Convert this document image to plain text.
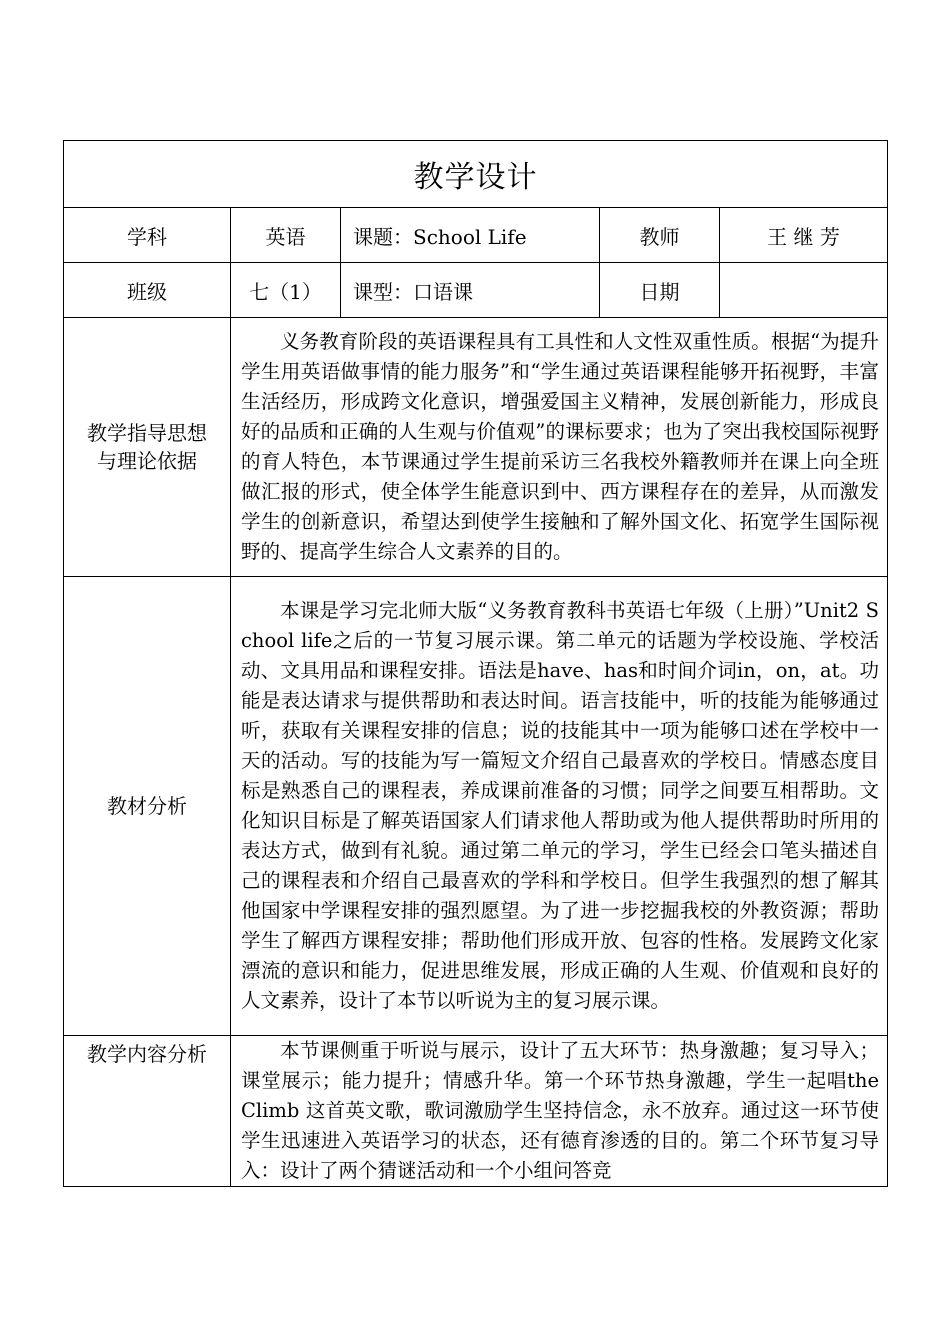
教学设计				
学科	英语	课题：School Life	教师	王 继 芳
班级	七（1）	课型：口语课	日期	

教学指导思想与理论依据	义务教育阶段的英语课程具有工具性和人文性双重性质。根据“为提升学生用英语做事情的能力服务”和“学生通过英语课程能够开拓视野，丰富生活经历，形成跨文化意识，增强爱国主义精神，发展创新能力，形成良好的品质和正确的人生观与价值观”的课标要求；也为了突出我校国际视野的育人特色，本节课通过学生提前采访三名我校外籍教师并在课上向全班做汇报的形式，使全体学生能意识到中、西方课程存在的差异，从而激发学生的创新意识，希望达到使学生接触和了解外国文化、拓宽学生国际视野的、提高学生综合人文素养的目的。			
教材分析	本课是学习完北师大版“义务教育教科书英语七年级（上册）”Unit2 School life之后的一节复习展示课。第二单元的话题为学校设施、学校活动、文具用品和课程安排。语法是have、has和时间介词in，on，at。功能是表达请求与提供帮助和表达时间。语言技能中，听的技能为能够通过听，获取有关课程安排的信息；说的技能其中一项为能够口述在学校中一天的活动。写的技能为写一篇短文介绍自己最喜欢的学校日。情感态度目标是熟悉自己的课程表，养成课前准备的习惯；同学之间要互相帮助。文化知识目标是了解英语国家人们请求他人帮助或为他人提供帮助时所用的表达方式，做到有礼貌。通过第二单元的学习，学生已经会口笔头描述自己的课程表和介绍自己最喜欢的学科和学校日。但学生我强烈的想了解其他国家中学课程安排的强烈愿望。为了进一步挖掘我校的外教资源；帮助学生了解西方课程安排；帮助他们形成开放、包容的性格。发展跨文化家漂流的意识和能力，促进思维发展，形成正确的人生观、价值观和良好的人文素养，设计了本节以听说为主的复习展示课。			
教学内容分析	本节课侧重于听说与展示，设计了五大环节：热身激趣；复习导入；课堂展示；能力提升；情感升华。第一个环节热身激趣，学生一起唱the Climb 这首英文歌，歌词激励学生坚持信念，永不放弃。通过这一环节使学生迅速进入英语学习的状态，还有德育渗透的目的。第二个环节复习导入：设计了两个猜谜活动和一个小组问答竞			
